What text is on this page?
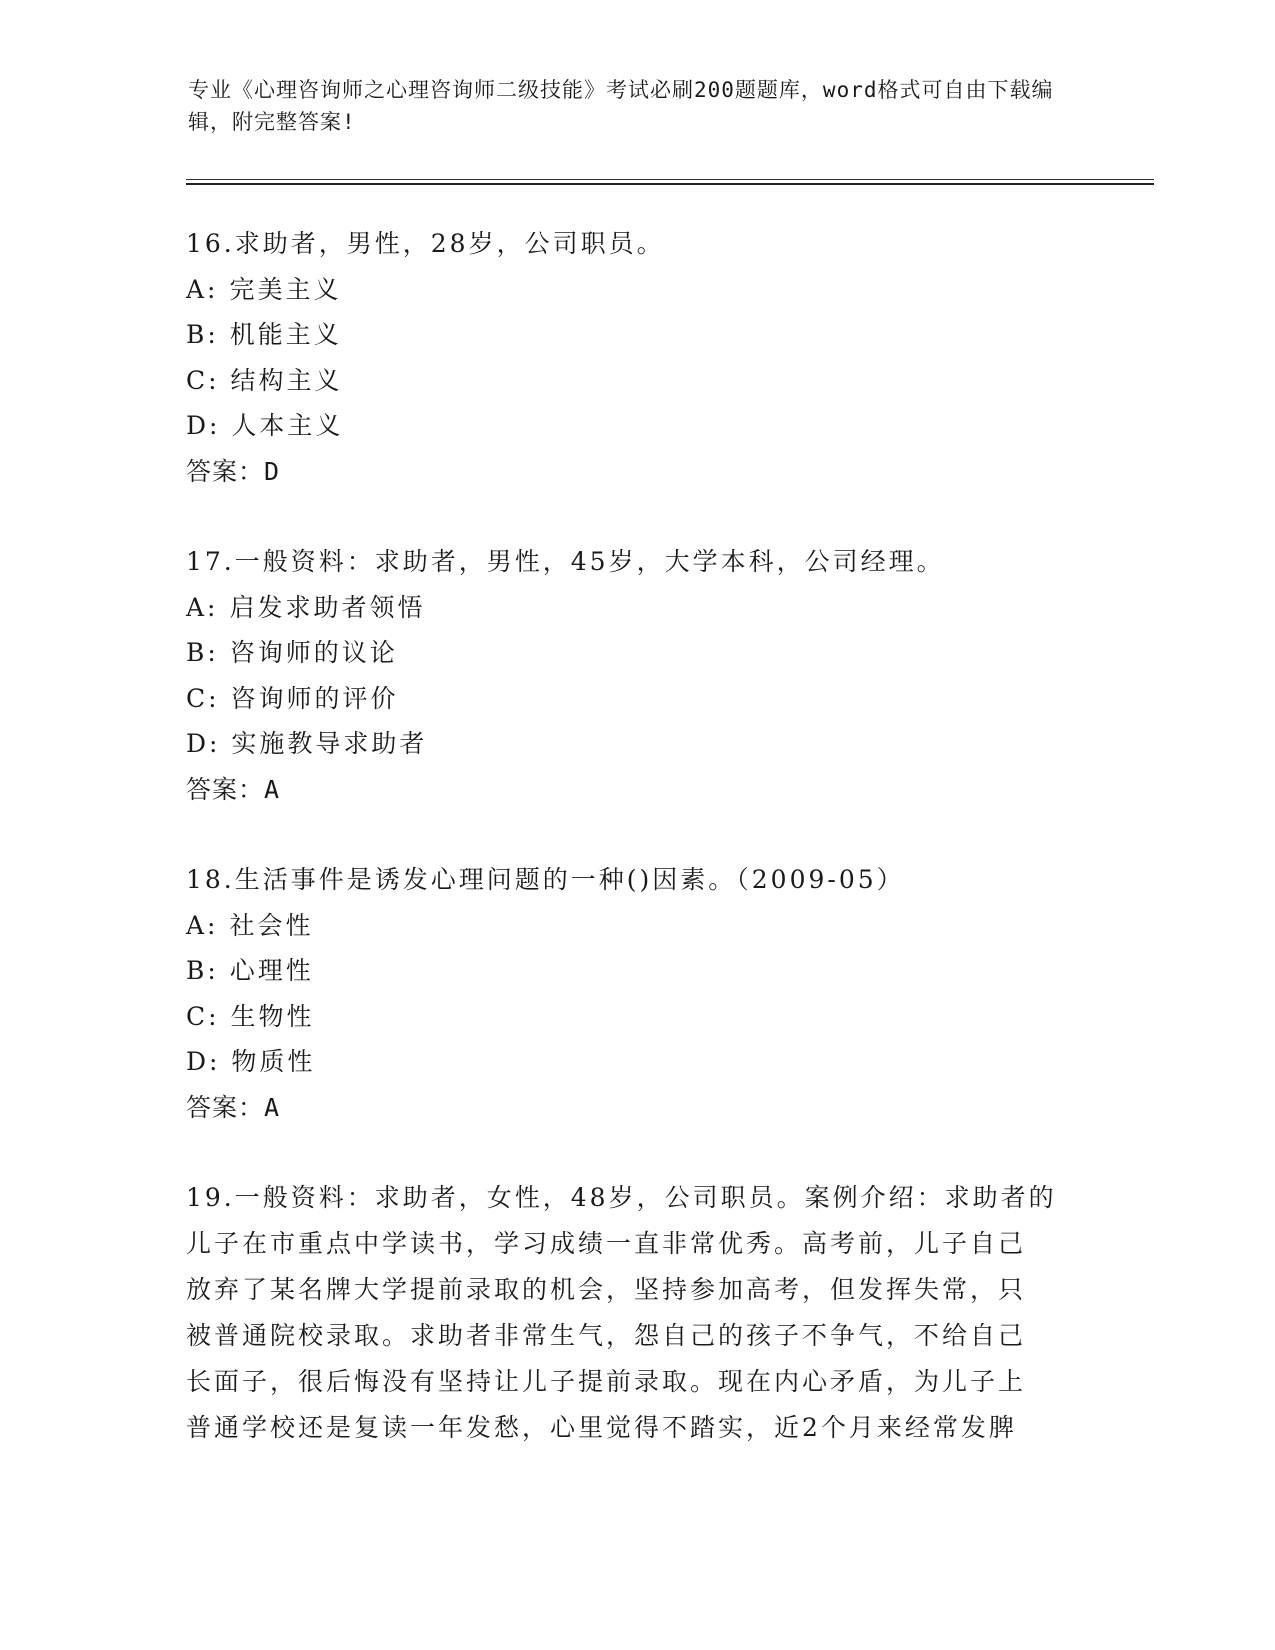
专业《心理咨询师之心理咨询师二级技能》考试必刷200题题库，word格式可自由下载编辑，附完整答案!
16.求助者，男性，28岁，公司职员。
A: 完美主义
B: 机能主义
C: 结构主义
D: 人本主义
答案：D
17.一般资料：求助者，男性，45岁，大学本科，公司经理。
A: 启发求助者领悟
B: 咨询师的议论
C: 咨询师的评价
D: 实施教导求助者
答案：A
18.生活事件是诱发心理问题的一种()因素。（2009-05）
A: 社会性
B: 心理性
C: 生物性
D: 物质性
答案：A
19.一般资料：求助者，女性，48岁，公司职员。案例介绍：求助者的
儿子在市重点中学读书，学习成绩一直非常优秀。高考前，儿子自己
放弃了某名牌大学提前录取的机会，坚持参加高考，但发挥失常，只
被普通院校录取。求助者非常生气，怨自己的孩子不争气，不给自己
长面子，很后悔没有坚持让儿子提前录取。现在内心矛盾，为儿子上
普通学校还是复读一年发愁，心里觉得不踏实，近2个月来经常发脾
